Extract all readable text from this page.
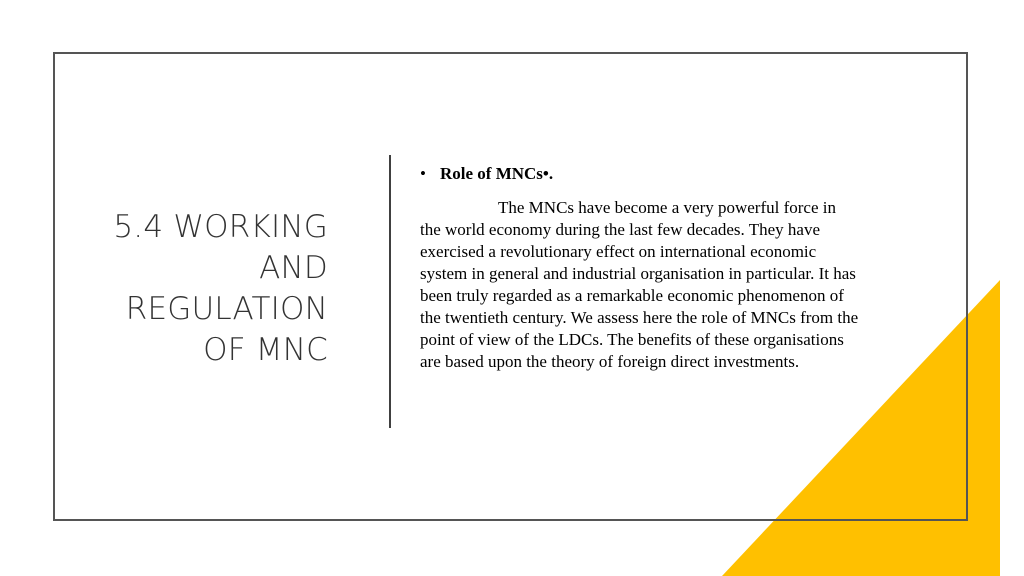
5.4 WORKING AND REGULATION OF MNC
• Role of MNCs•.
The MNCs have become a very powerful force in the world economy during the last few decades. They have exercised a revolutionary effect on international economic system in general and industrial organisation in particular. It has been truly regarded as a remarkable economic phenomenon of the twentieth century. We assess here the role of MNCs from the point of view of the LDCs. The benefits of these organisations are based upon the theory of foreign direct investments.
